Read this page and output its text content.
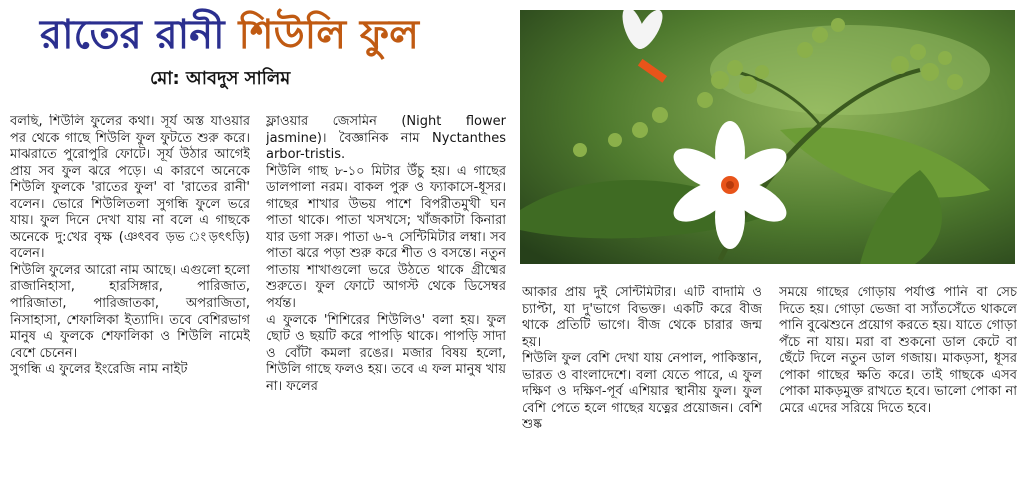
রাতের রানী শিউলি ফুল
মো: আবদুস সালিম

বলছি, শিউলি ফুলের কথা। সূর্য অস্ত যাওয়ার পর থেকে গাছে শিউলি ফুল ফুটতে শুরু করে। মাঝরাতে পুরোপুরি ফোটে। সূর্য উঠার আগেই প্রায় সব ফুল ঝরে পড়ে। এ কারণে অনেকে শিউলি ফুলকে 'রাতের ফুল' বা 'রাতের রানী' বলেন। ভোরে শিউলিতলা সুগন্ধি ফুলে ভরে যায়। ফুল দিনে দেখা যায় না বলে এ গাছকে অনেকে দু:খের বৃক্ষ (ঞৎবব ড়ভ ংড়ৎৎড়ি) বলেন।

শিউলি ফুলের আরো নাম আছে। এগুলো হলো রাজানিহাসা, হারসিঙ্গার, পারিজাত, পারিজাতা, পারিজাতকা, অপরাজিতা, নিসাহাসা, শেফালিকা ইত্যাদি। তবে বেশিরভাগ মানুষ এ ফুলকে শেফালিকা ও শিউলি নামেই বেশে চেনেন।

সুগন্ধি এ ফুলের ইংরেজি নাম নাইট

ফ্লাওয়ার জেসমিন (Night flower jasmine)। বৈজ্ঞানিক নাম Nyctanthes arbor-tristis.

শিউলি গাছ ৮-১০ মিটার উঁচু হয়। এ গাছের ডালপালা নরম। বাকল পুরু ও ফ্যাকাসে-ধূসর। গাছের শাখার উভয় পাশে বিপরীতমুখী ঘন পাতা থাকে। পাতা খসখসে; খাঁজকাটা কিনারা যার ডগা সরু। পাতা ৬-৭ সেন্টিমিটার লম্বা। সব পাতা ঝরে পড়া শুরু করে শীত ও বসন্তে। নতুন পাতায় শাখাগুলো ভরে উঠতে থাকে গ্রীষ্মের শুরুতে। ফুল ফোটে আগস্ট থেকে ডিসেম্বর পর্যন্ত।

এ ফুলকে 'শিশিরের শিউলিও' বলা হয়। ফুল ছোট ও ছয়টি করে পাপড়ি থাকে। পাপড়ি সাদা ও বোঁটা কমলা রঙের। মজার বিষয় হলো, শিউলি গাছে ফলও হয়। তবে এ ফল মানুষ খায় না। ফলের

আকার প্রায় দুই সেন্টিমিটার। এটি বাদামি ও চ্যাপ্টা, যা দু'ভাগে বিভক্ত। একটি করে বীজ থাকে প্রতিটি ভাগে। বীজ থেকে চারার জন্ম হয়।

শিউলি ফুল বেশি দেখা যায় নেপাল, পাকিস্তান, ভারত ও বাংলাদেশে। বলা যেতে পারে, এ ফুল দক্ষিণ ও দক্ষিণ-পূর্ব এশিয়ার স্থানীয় ফুল। ফুল বেশি পেতে হলে গাছের যত্নের প্রয়োজন। বেশি শুষ্ক

সময়ে গাছের গোড়ায় পর্যাপ্ত পানি বা সেচ দিতে হয়। গোড়া ভেজা বা স্যাঁতসেঁতে থাকলে পানি বুঝেশুনে প্রয়োগ করতে হয়। যাতে গোড়া পঁচে না যায়। মরা বা শুকনো ডাল কেটে বা ছেঁটে দিলে নতুন ডাল গজায়। মাকড়সা, ধূসর পোকা গাছের ক্ষতি করে। তাই গাছকে এসব পোকা মাকড়মুক্ত রাখতে হবে। ভালো পোকা না মেরে এদের সরিয়ে দিতে হবে।
